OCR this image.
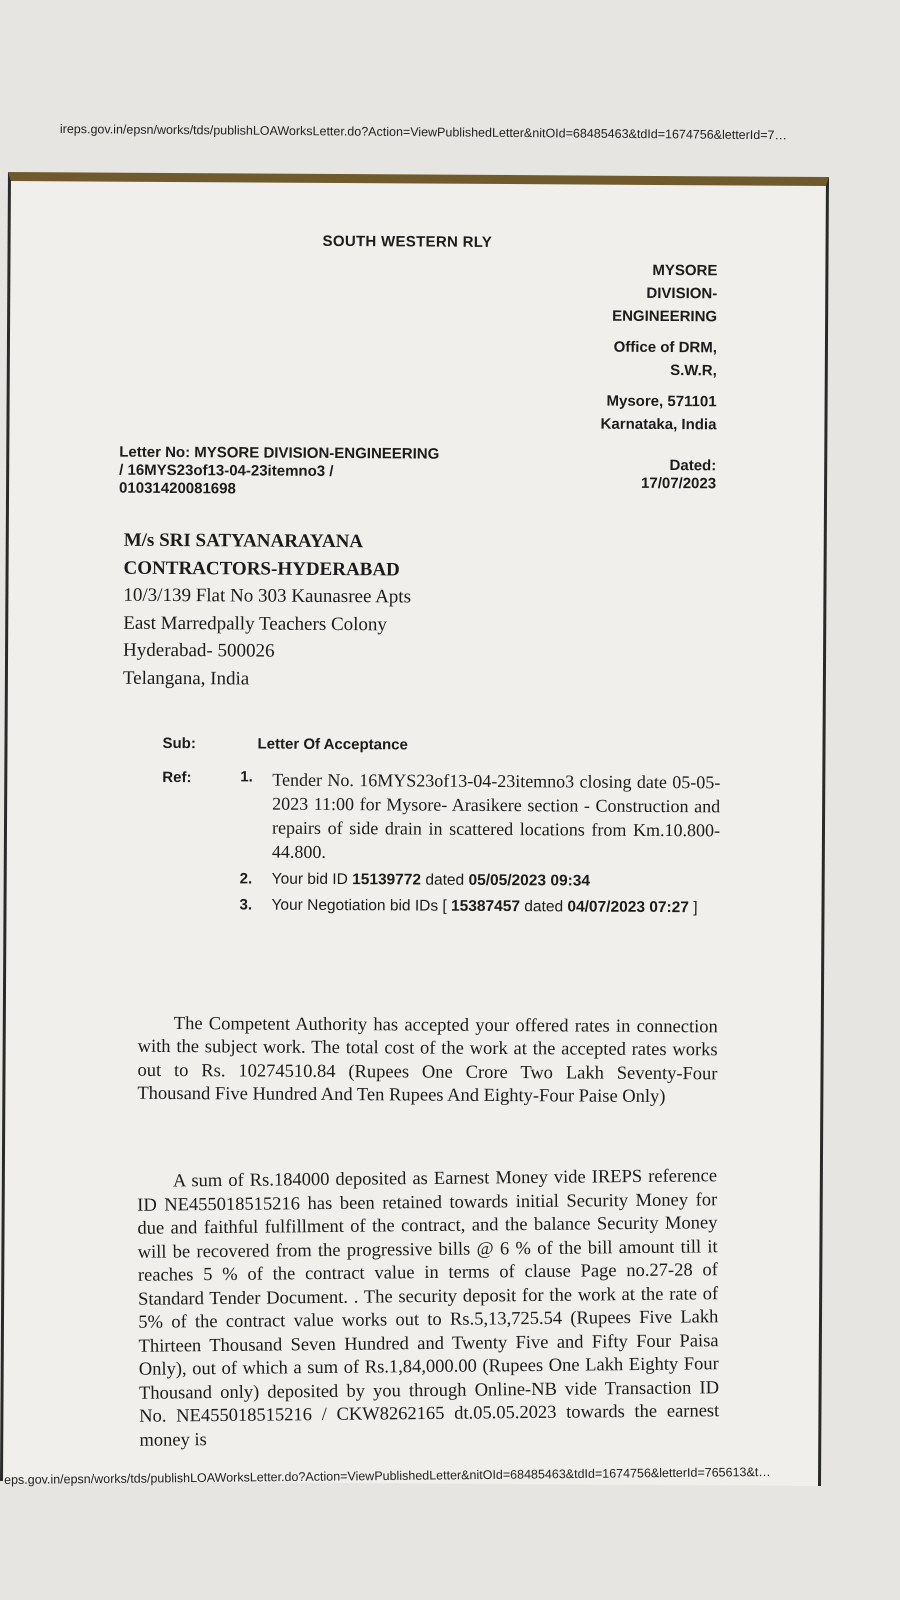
ireps.gov.in/epsn/works/tds/publishLOAWorksLetter.do?Action=ViewPublishedLetter&nitOId=68485463&tdId=1674756&letterId=7…
SOUTH WESTERN RLY
MYSORE
DIVISION-
ENGINEERING
Office of DRM,
S.W.R,
Mysore, 571101
Karnataka, India
Letter No: MYSORE DIVISION-ENGINEERING
/ 16MYS23of13-04-23itemno3 /
01031420081698
Dated:
17/07/2023
M/s SRI SATYANARAYANA
CONTRACTORS-HYDERABAD
10/3/139 Flat No 303 Kaunasree Apts
East Marredpally Teachers Colony
Hyderabad- 500026
Telangana, India
Sub:	Letter Of Acceptance
Ref:	1. Tender No. 16MYS23of13-04-23itemno3 closing date 05-05-2023 11:00 for Mysore- Arasikere section - Construction and repairs of side drain in scattered locations from Km.10.800-44.800.
2. Your bid ID 15139772 dated 05/05/2023 09:34
3. Your Negotiation bid IDs [ 15387457 dated 04/07/2023 07:27 ]

The Competent Authority has accepted your offered rates in connection with the subject work. The total cost of the work at the accepted rates works out to Rs. 10274510.84 (Rupees One Crore Two Lakh Seventy-Four Thousand Five Hundred And Ten Rupees And Eighty-Four Paise Only)

A sum of Rs.184000 deposited as Earnest Money vide IREPS reference ID NE455018515216 has been retained towards initial Security Money for due and faithful fulfillment of the contract, and the balance Security Money will be recovered from the progressive bills @ 6 % of the bill amount till it reaches 5 % of the contract value in terms of clause Page no.27-28 of Standard Tender Document. . The security deposit for the work at the rate of 5% of the contract value works out to Rs.5,13,725.54 (Rupees Five Lakh Thirteen Thousand Seven Hundred and Twenty Five and Fifty Four Paisa Only), out of which a sum of Rs.1,84,000.00 (Rupees One Lakh Eighty Four Thousand only) deposited by you through Online-NB vide Transaction ID No. NE455018515216 / CKW8262165 dt.05.05.2023 towards the earnest money is

eps.gov.in/epsn/works/tds/publishLOAWorksLetter.do?Action=ViewPublishedLetter&nitOId=68485463&tdId=1674756&letterId=765613&t…
